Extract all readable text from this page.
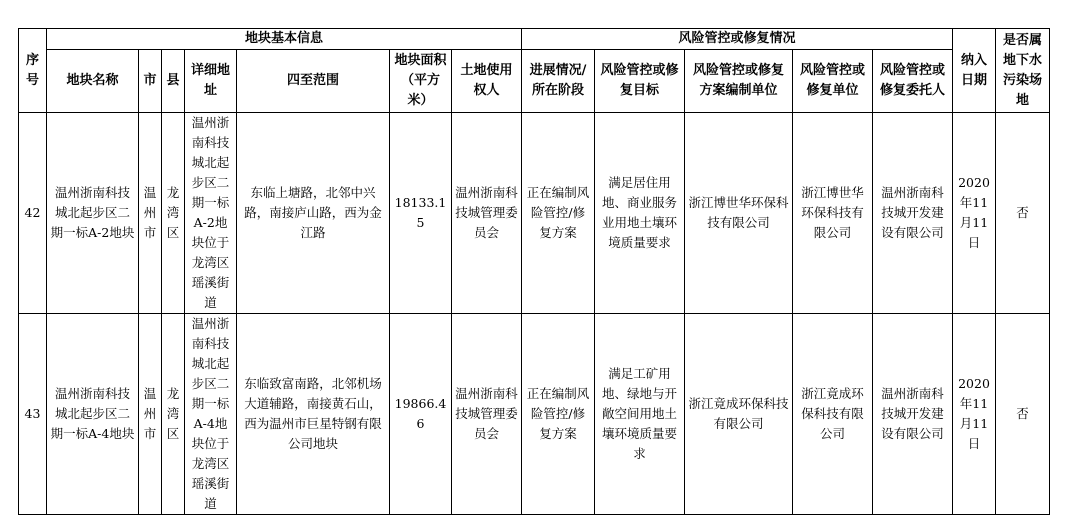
序号	地块基本信息							风险管控或修复情况					纳入日期	是否属地下水污染场地
	地块名称	市	县	详细地址	四至范围	地块面积（平方米）	土地使用权人	进展情况/所在阶段	风险管控或修复目标	风险管控或修复方案编制单位	风险管控或修复单位	风险管控或修复委托人		
42	温州浙南科技城北起步区二期一标A-2地块	温州市	龙湾区	温州浙南科技城北起步区二期一标A-2地块位于龙湾区瑶溪街道	东临上塘路，北邻中兴路，南接庐山路，西为金江路	18133.15	温州浙南科技城管理委员会	正在编制风险管控/修复方案	满足居住用地、商业服务业用地土壤环境质量要求	浙江博世华环保科技有限公司	浙江博世华环保科技有限公司	温州浙南科技城开发建设有限公司	2020年11月11日	否
43	温州浙南科技城北起步区二期一标A-4地块	温州市	龙湾区	温州浙南科技城北起步区二期一标A-4地块位于龙湾区瑶溪街道	东临致富南路，北邻机场大道辅路，南接黄石山，西为温州市巨星特钢有限公司地块	19866.46	温州浙南科技城管理委员会	正在编制风险管控/修复方案	满足工矿用地、绿地与开敞空间用地土壤环境质量要求	浙江竟成环保科技有限公司	浙江竟成环保科技有限公司	温州浙南科技城开发建设有限公司	2020年11月11日	否
